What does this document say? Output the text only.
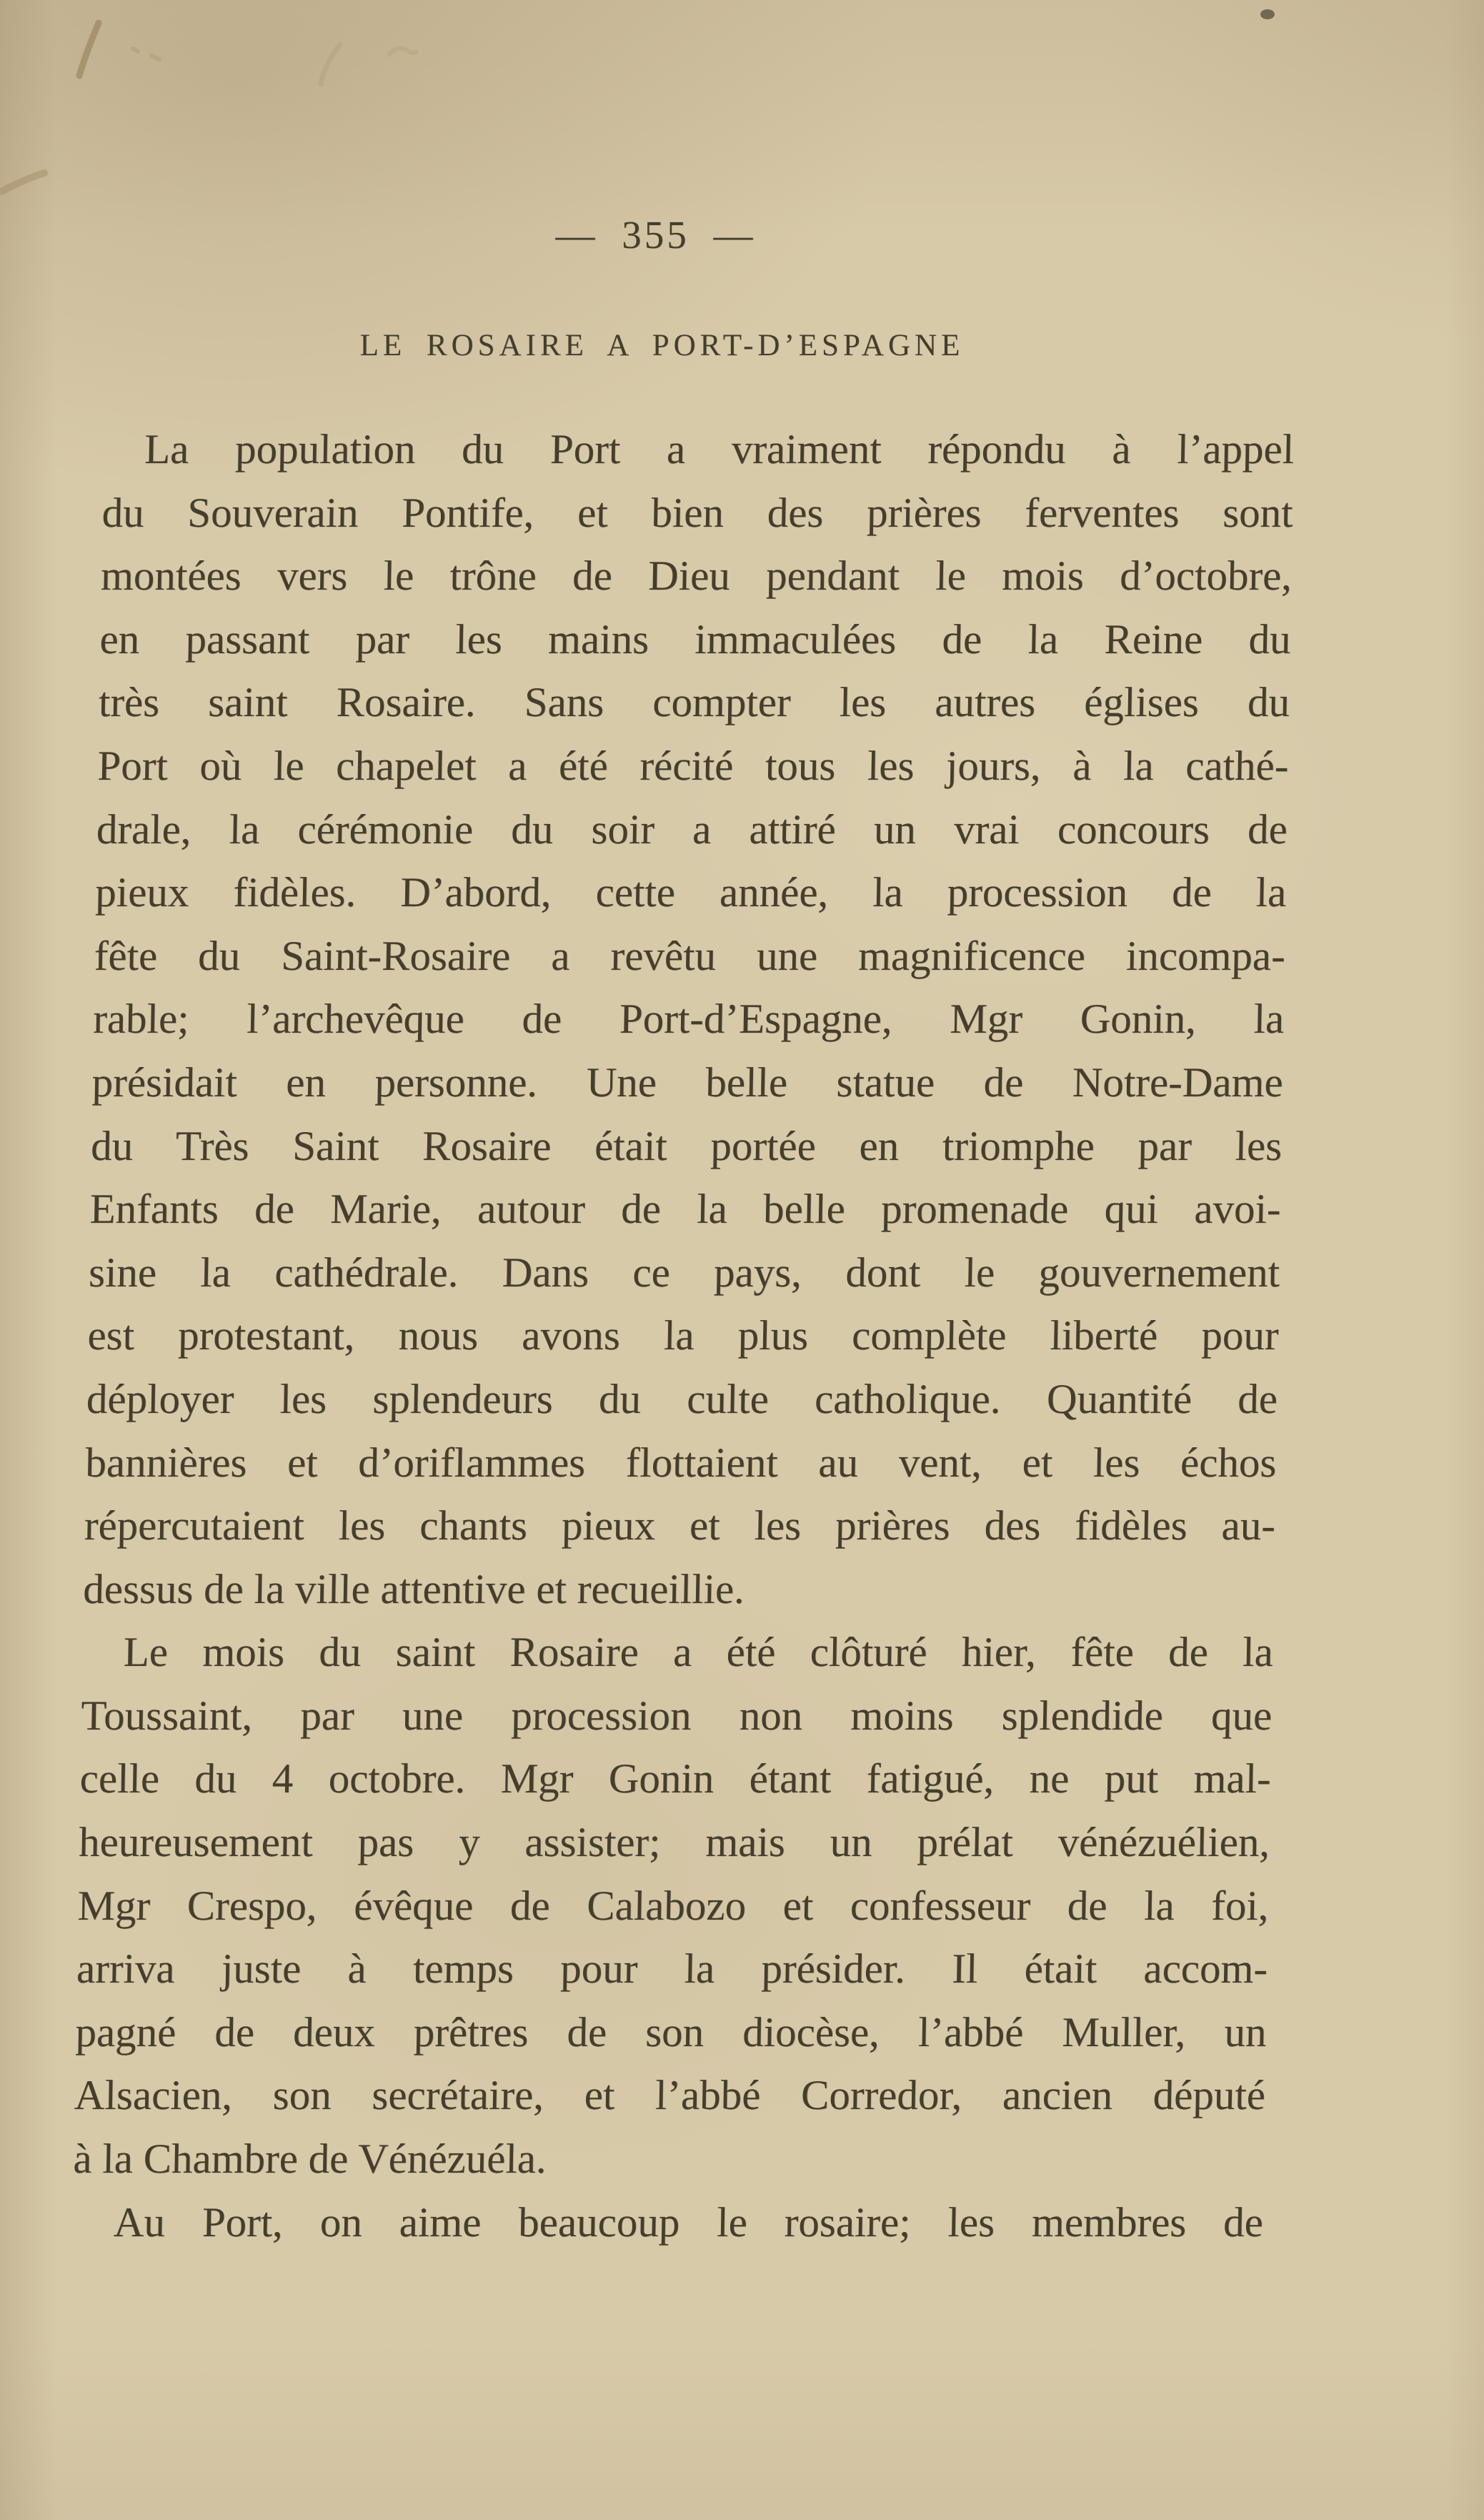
— 355 —
LE ROSAIRE A PORT-D’ESPAGNE
La population du Port a vraiment répondu à l’appel
du Souverain Pontife, et bien des prières ferventes sont
montées vers le trône de Dieu pendant le mois d’octobre,
en passant par les mains immaculées de la Reine du
très saint Rosaire. Sans compter les autres églises du
Port où le chapelet a été récité tous les jours, à la cathé-
drale, la cérémonie du soir a attiré un vrai concours de
pieux fidèles. D’abord, cette année, la procession de la
fête du Saint-Rosaire a revêtu une magnificence incompa-
rable; l’archevêque de Port-d’Espagne, Mgr Gonin, la
présidait en personne. Une belle statue de Notre-Dame
du Très Saint Rosaire était portée en triomphe par les
Enfants de Marie, autour de la belle promenade qui avoi-
sine la cathédrale. Dans ce pays, dont le gouvernement
est protestant, nous avons la plus complète liberté pour
déployer les splendeurs du culte catholique. Quantité de
bannières et d’oriflammes flottaient au vent, et les échos
répercutaient les chants pieux et les prières des fidèles au-
dessus de la ville attentive et recueillie.
Le mois du saint Rosaire a été clôturé hier, fête de la
Toussaint, par une procession non moins splendide que
celle du 4 octobre. Mgr Gonin étant fatigué, ne put mal-
heureusement pas y assister; mais un prélat vénézuélien,
Mgr Crespo, évêque de Calabozo et confesseur de la foi,
arriva juste à temps pour la présider. Il était accom-
pagné de deux prêtres de son diocèse, l’abbé Muller, un
Alsacien, son secrétaire, et l’abbé Corredor, ancien député
à la Chambre de Vénézuéla.
Au Port, on aime beaucoup le rosaire; les membres de
